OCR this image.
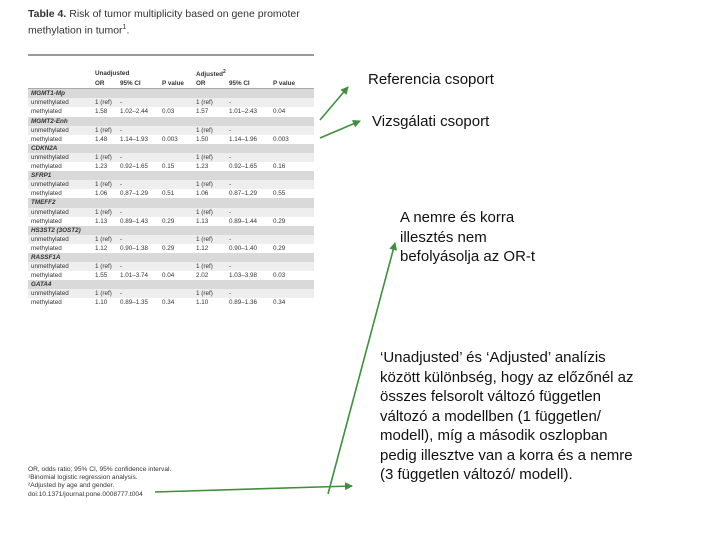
Table 4. Risk of tumor multiplicity based on gene promoter methylation in tumor$^1$.
	Unadjusted			Adjusted$^2$
	OR	95% CI	P value	OR	95% CI	P value
MGMT1-Mp						
unmethylated	1 (ref)	-		1 (ref)	-	
methylated	1.58	1.02–2.44	0.03	1.57	1.01–2.43	0.04
MGMT2-Enh						
unmethylated	1 (ref)	-		1 (ref)	-	
methylated	1.48	1.14–1.93	0.003	1.50	1.14–1.96	0.003
CDKN2A						
unmethylated	1 (ref)	-		1 (ref)	-	
methylated	1.23	0.92–1.65	0.15	1.23	0.92–1.65	0.16
SFRP1						
unmethylated	1 (ref)	-		1 (ref)	-	
methylated	1.06	0.87–1.29	0.51	1.06	0.87–1.29	0.55
TMEFF2						
unmethylated	1 (ref)	-		1 (ref)	-	
methylated	1.13	0.89–1.43	0.29	1.13	0.89–1.44	0.29
HS3ST2 (3OST2)						
unmethylated	1 (ref)	-		1 (ref)	-	
methylated	1.12	0.90–1.38	0.29	1.12	0.90–1.40	0.29
RASSF1A						
unmethylated	1 (ref)	-		1 (ref)	-	
methylated	1.55	1.01–3.74	0.04	2.02	1.03–3.98	0.03
GATA4						
unmethylated	1 (ref)	-		1 (ref)	-	
methylated	1.10	0.89–1.35	0.34	1.10	0.89–1.36	0.34
OR, odds ratio; 95% CI, 95% confidence interval.
¹Binomial logistic regression analysis.
²Adjusted by age and gender.
doi:10.1371/journal.pone.0008777.t004
Referencia csoport
Vizsgálati csoport
A nemre és korra
illesztés nem
befolyásolja az OR-t
‘Unadjusted’ és ‘Adjusted’ analízis
között különbség, hogy az előzőnél az
összes felsorolt változó független
változó a modellben (1 független/
modell), míg a második oszlopban
pedig illesztve van a korra és a nemre
(3 független változó/ modell).
